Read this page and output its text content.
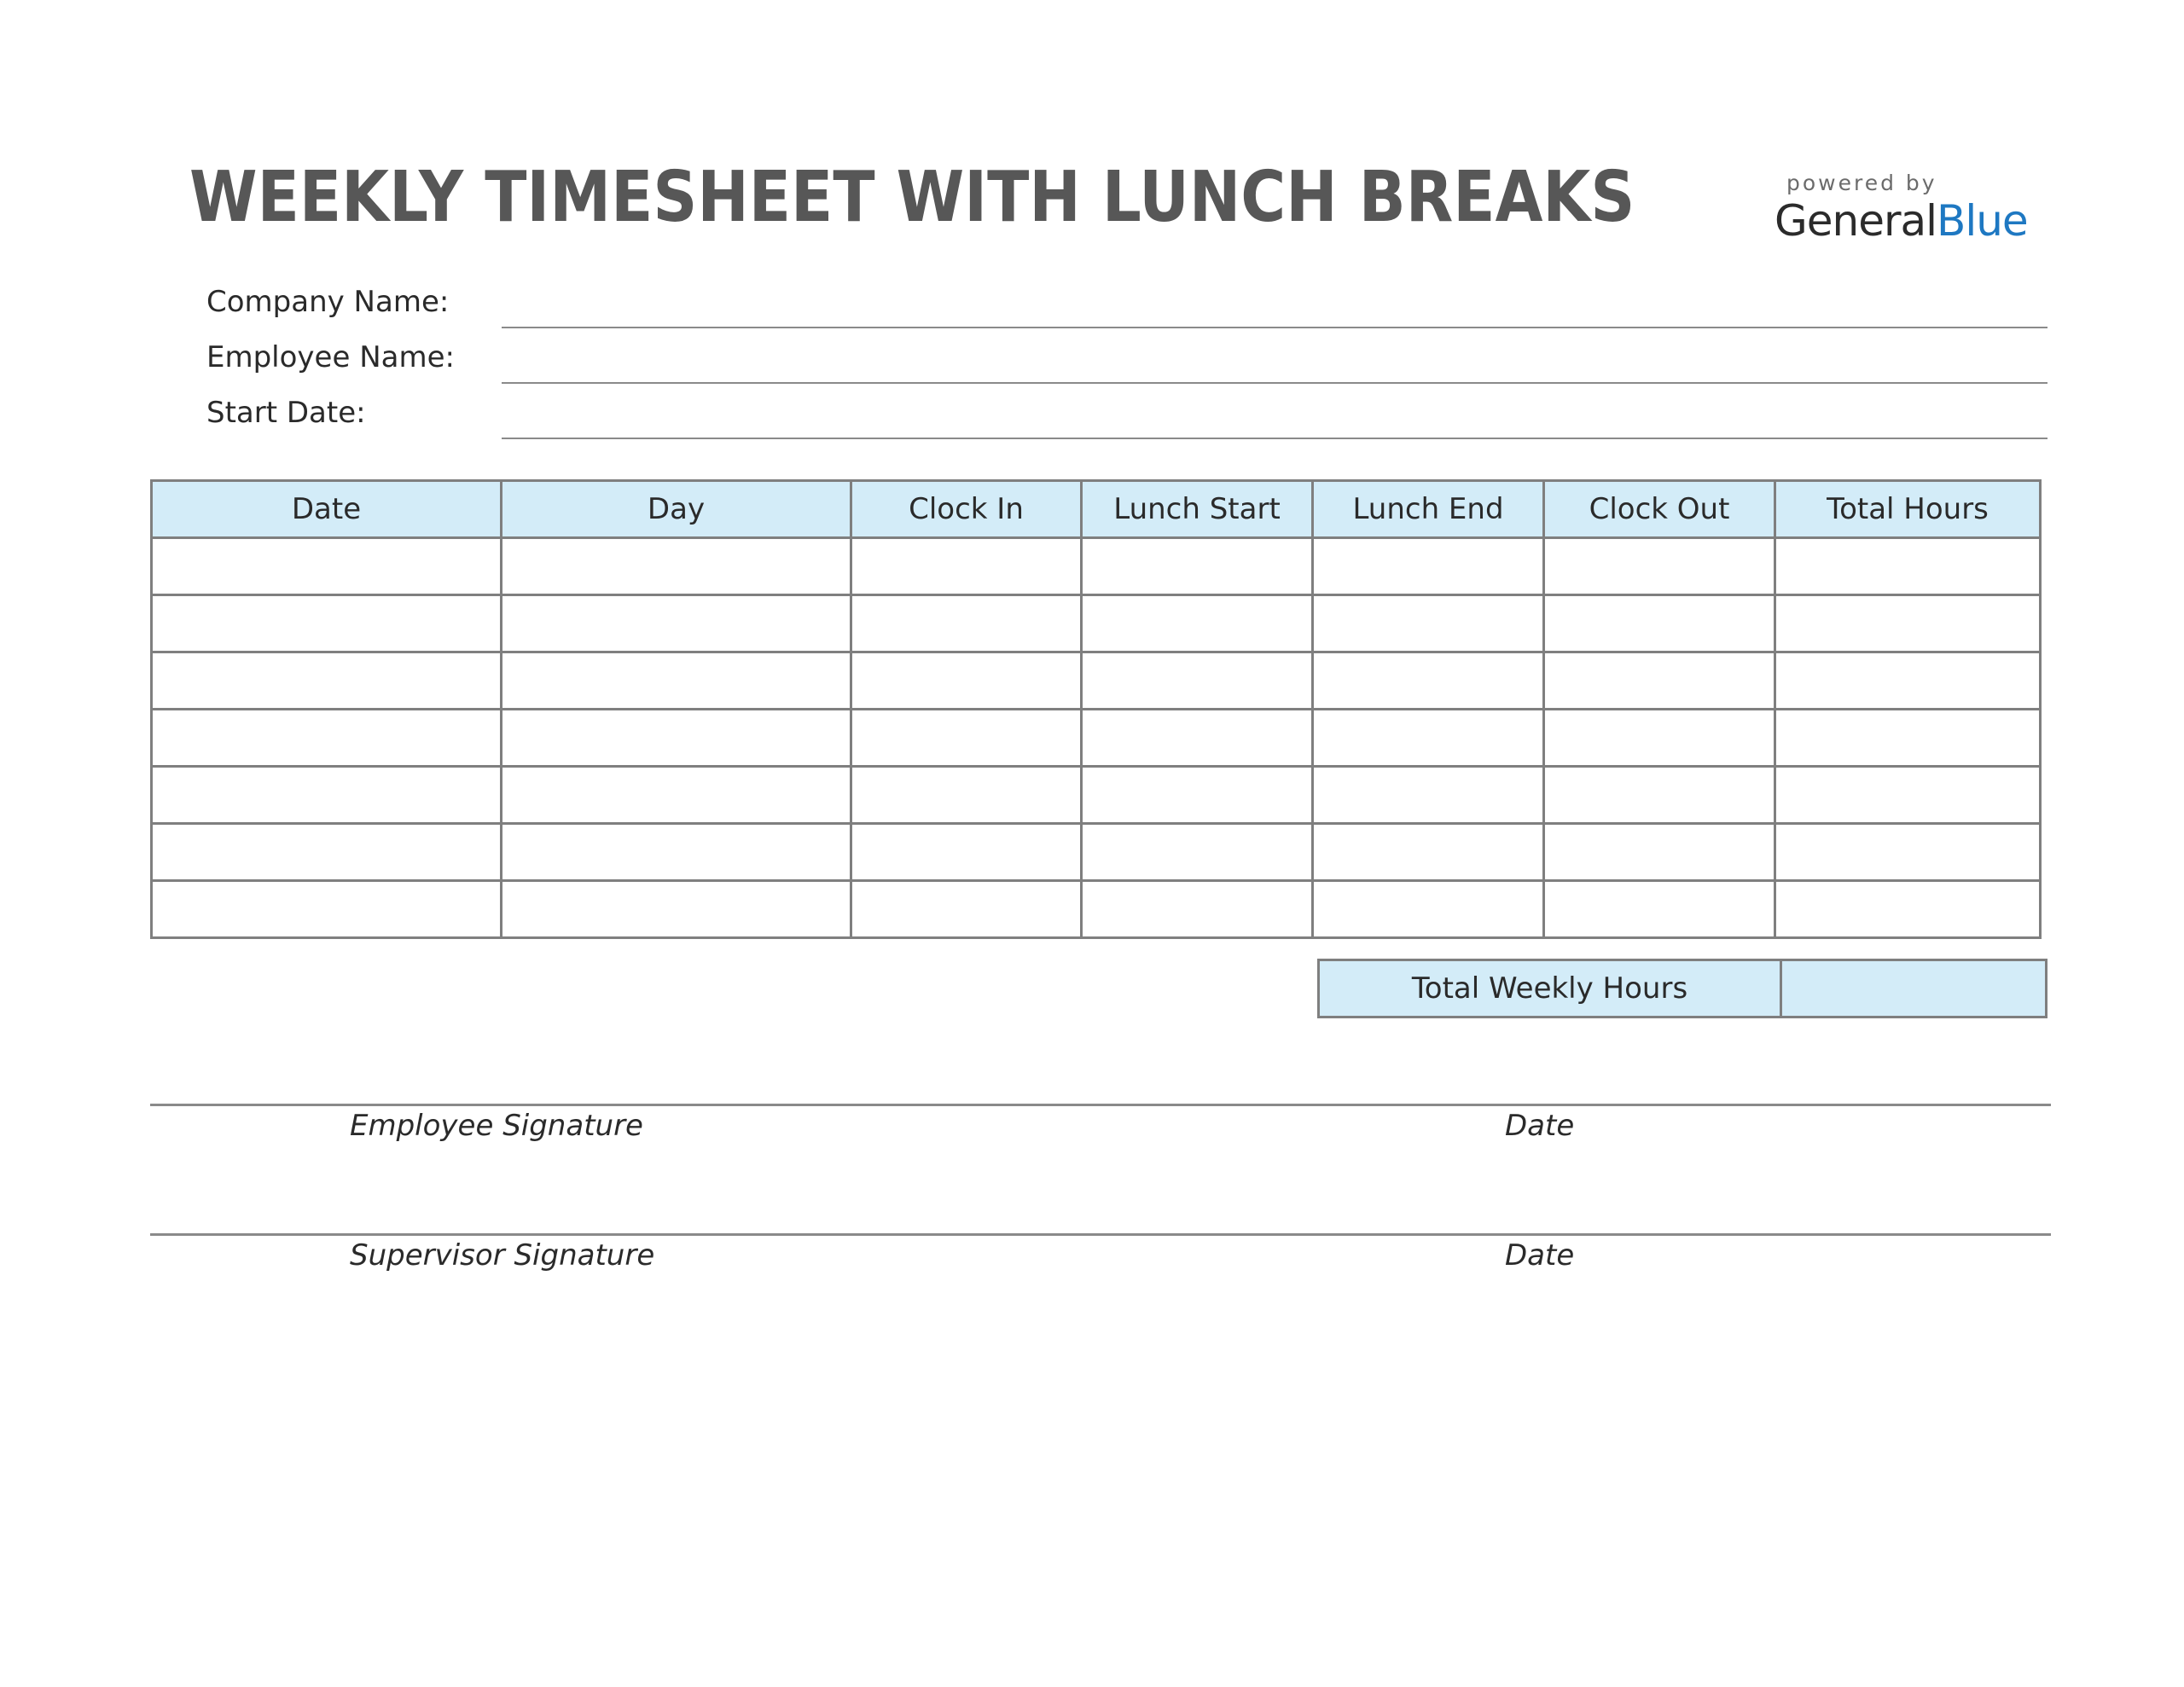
WEEKLY TIMESHEET WITH LUNCH BREAKS	powered by
GeneralBlue
Company Name:
Employee Name:
Start Date:
Date	Day	Clock In	Lunch Start	Lunch End	Clock Out	Total Hours

Total Weekly Hours	
Employee Signature	Date
Supervisor Signature	Date
